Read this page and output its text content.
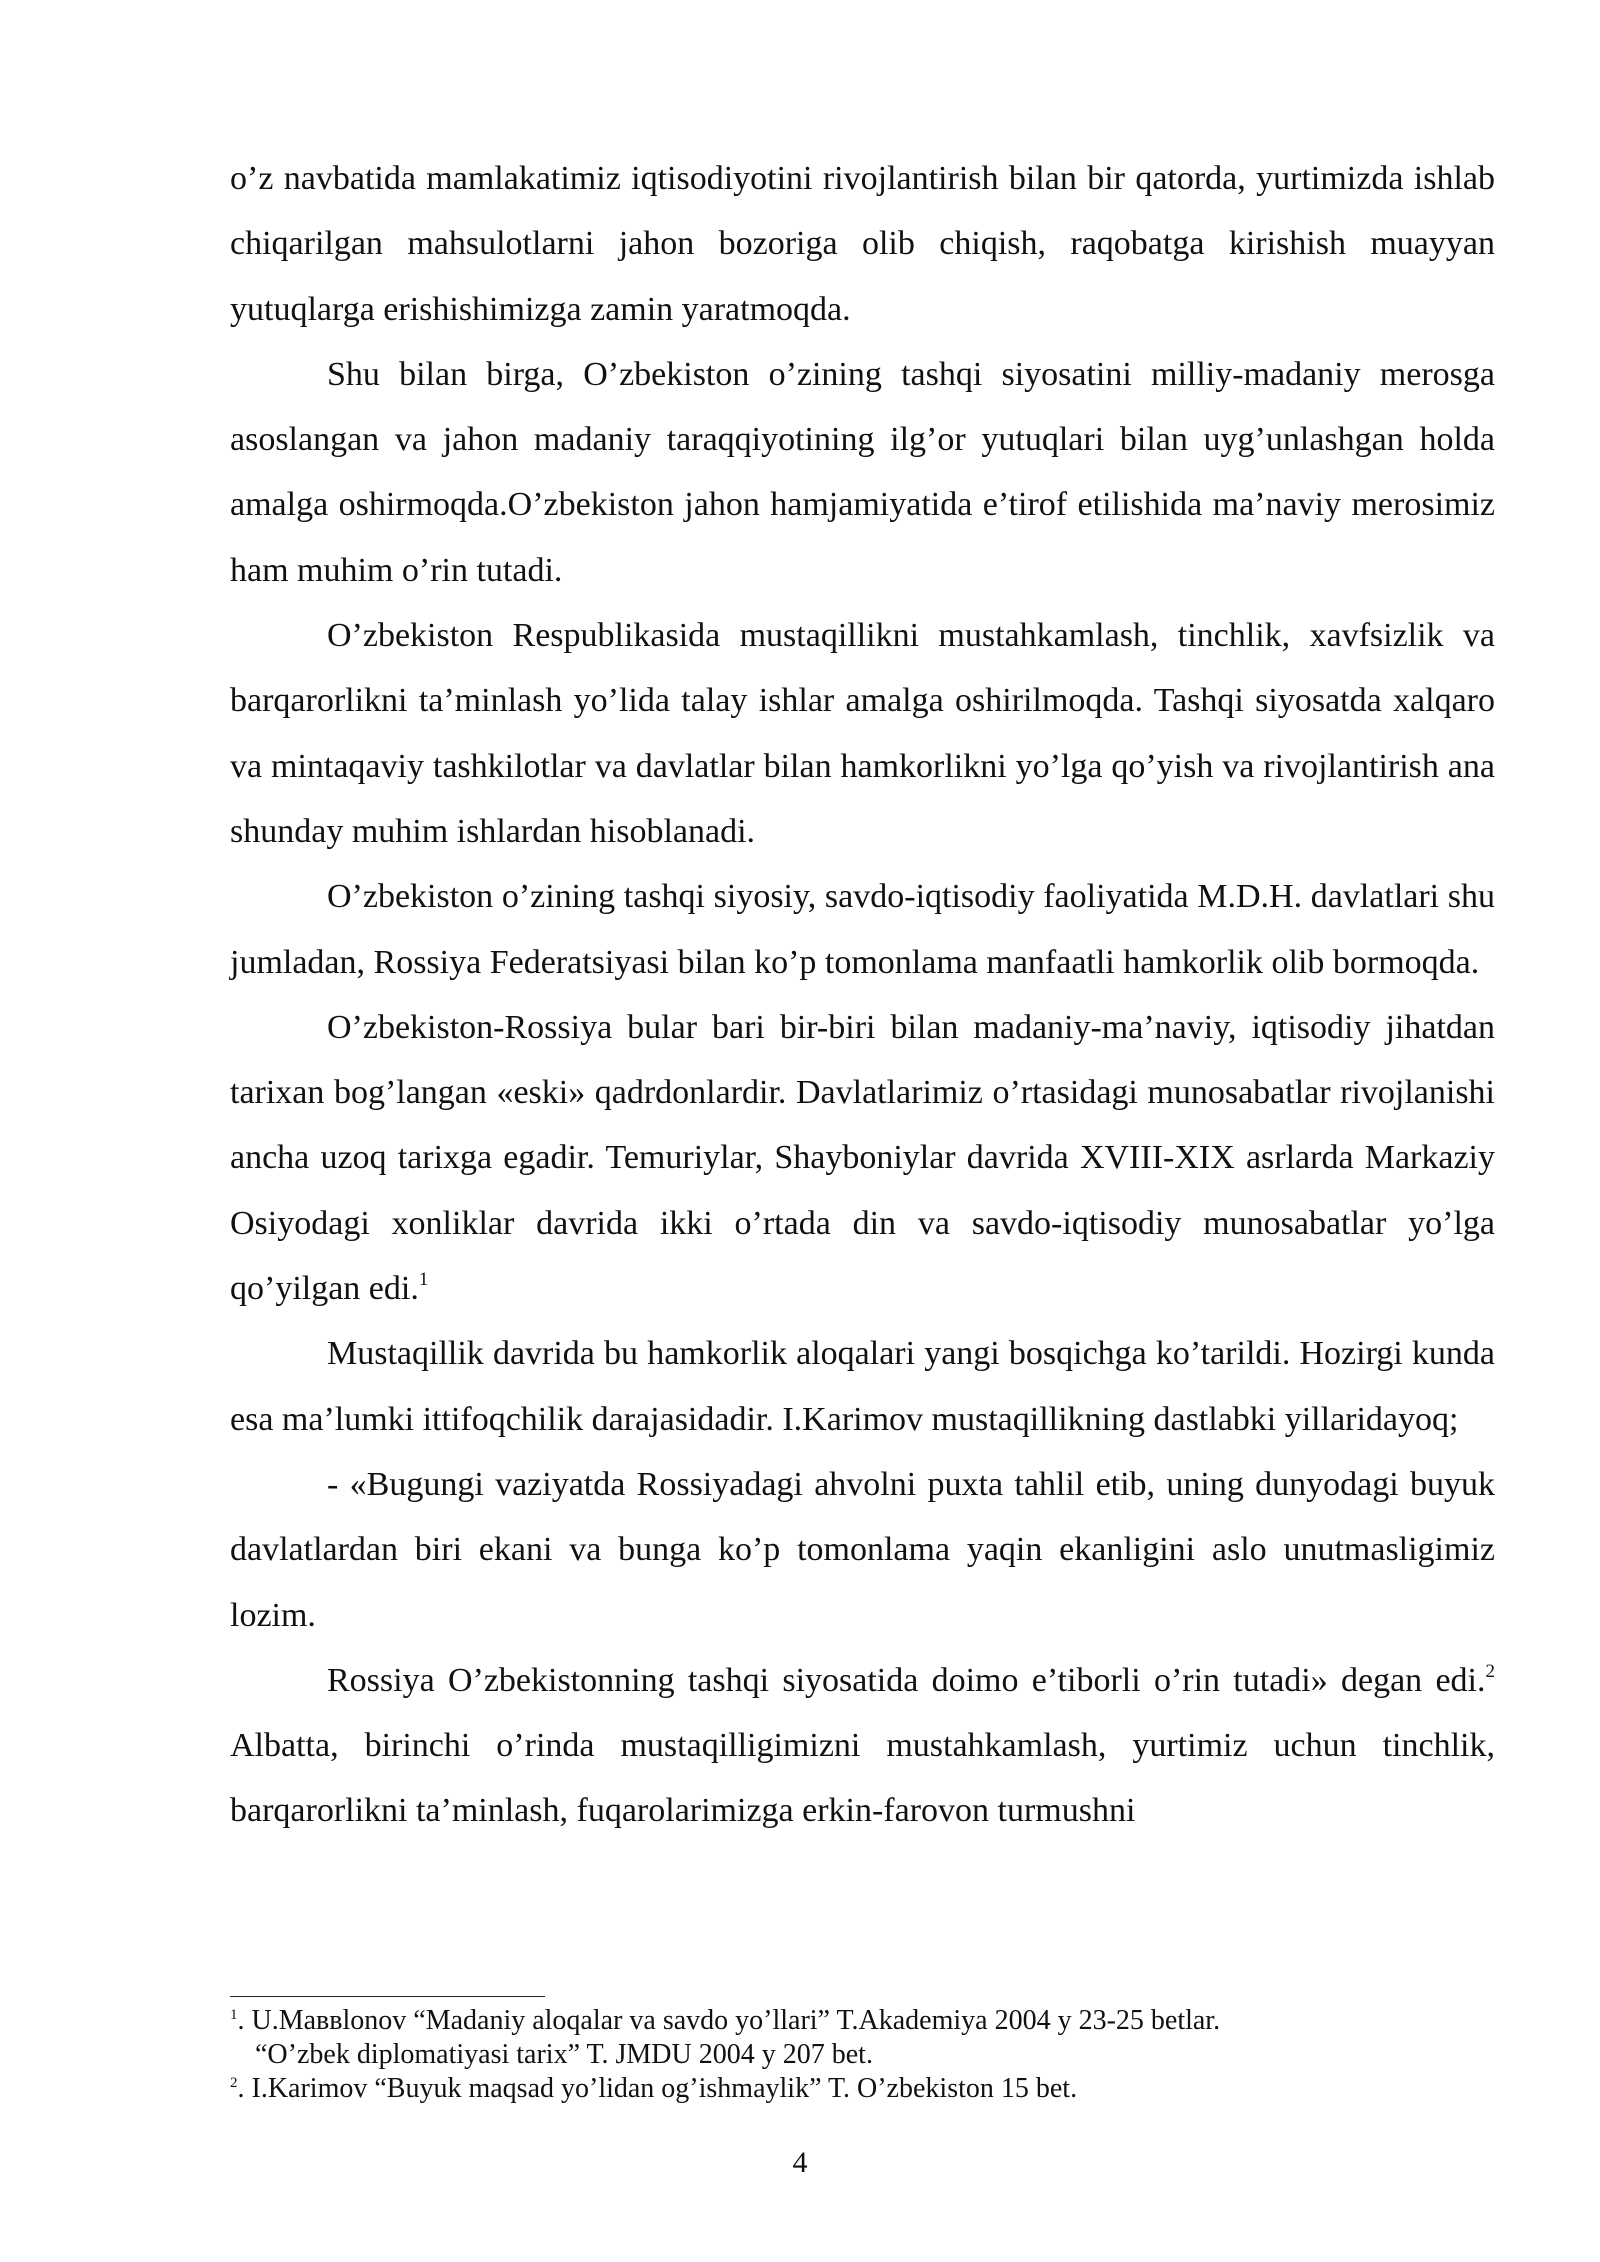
o’z navbatida mamlakatimiz iqtisodiyotini rivojlantirish bilan bir qatorda, yurtimizda ishlab chiqarilgan mahsulotlarni jahon bozoriga olib chiqish, raqobatga kirishish muayyan yutuqlarga erishishimizga zamin yaratmoqda.

Shu bilan birga, O’zbekiston o’zining tashqi siyosatini milliy-madaniy merosga asoslangan va jahon madaniy taraqqiyotining ilg’or yutuqlari bilan uyg’unlashgan holda amalga oshirmoqda.O’zbekiston jahon hamjamiyatida e’tirof etilishida ma’naviy merosimiz ham muhim o’rin tutadi.

O’zbekiston Respublikasida mustaqillikni mustahkamlash, tinchlik, xavfsizlik va barqarorlikni ta’minlash yo’lida talay ishlar amalga oshirilmoqda. Tashqi siyosatda xalqaro va mintaqaviy tashkilotlar va davlatlar bilan hamkorlikni yo’lga qo’yish va rivojlantirish ana shunday muhim ishlardan hisoblanadi.

O’zbekiston o’zining tashqi siyosiy, savdo-iqtisodiy faoliyatida M.D.H. davlatlari shu jumladan, Rossiya Federatsiyasi bilan ko’p tomonlama manfaatli hamkorlik olib bormoqda.

O’zbekiston-Rossiya bular bari bir-biri bilan madaniy-ma’naviy, iqtisodiy jihatdan tarixan bog’langan «eski» qadrdonlardir. Davlatlarimiz o’rtasidagi munosabatlar rivojlanishi ancha uzoq tarixga egadir. Temuriylar, Shayboniylar davrida XVIII-XIX asrlarda Markaziy Osiyodagi xonliklar davrida ikki o’rtada din va savdo-iqtisodiy munosabatlar yo’lga qo’yilgan edi.$^1$

Mustaqillik davrida bu hamkorlik aloqalari yangi bosqichga ko’tarildi. Hozirgi kunda esa ma’lumki ittifoqchilik darajasidadir. I.Karimov mustaqillikning dastlabki yillaridayoq;

- «Bugungi vaziyatda Rossiyadagi ahvolni puxta tahlil etib, uning dunyodagi buyuk davlatlardan biri ekani va bunga ko’p tomonlama yaqin ekanligini aslo unutmasligimiz lozim.

Rossiya O’zbekistonning tashqi siyosatida doimo e’tiborli o’rin tutadi» degan edi.$^2$ Albatta, birinchi o’rinda mustaqilligimizni mustahkamlash, yurtimiz uchun tinchlik, barqarorlikni ta’minlash, fuqarolarimizga erkin-farovon turmushni

$^1$. U.Маввlonov “Madaniy aloqalar va savdo yo’llari” T.Akademiya 2004 y 23-25 betlar.

“O’zbek diplomatiyasi tarix” T. JMDU 2004 y 207 bet.

$^2$. I.Karimov “Buyuk maqsad yo’lidan og’ishmaylik” T. O’zbekiston 15 bet.

4
